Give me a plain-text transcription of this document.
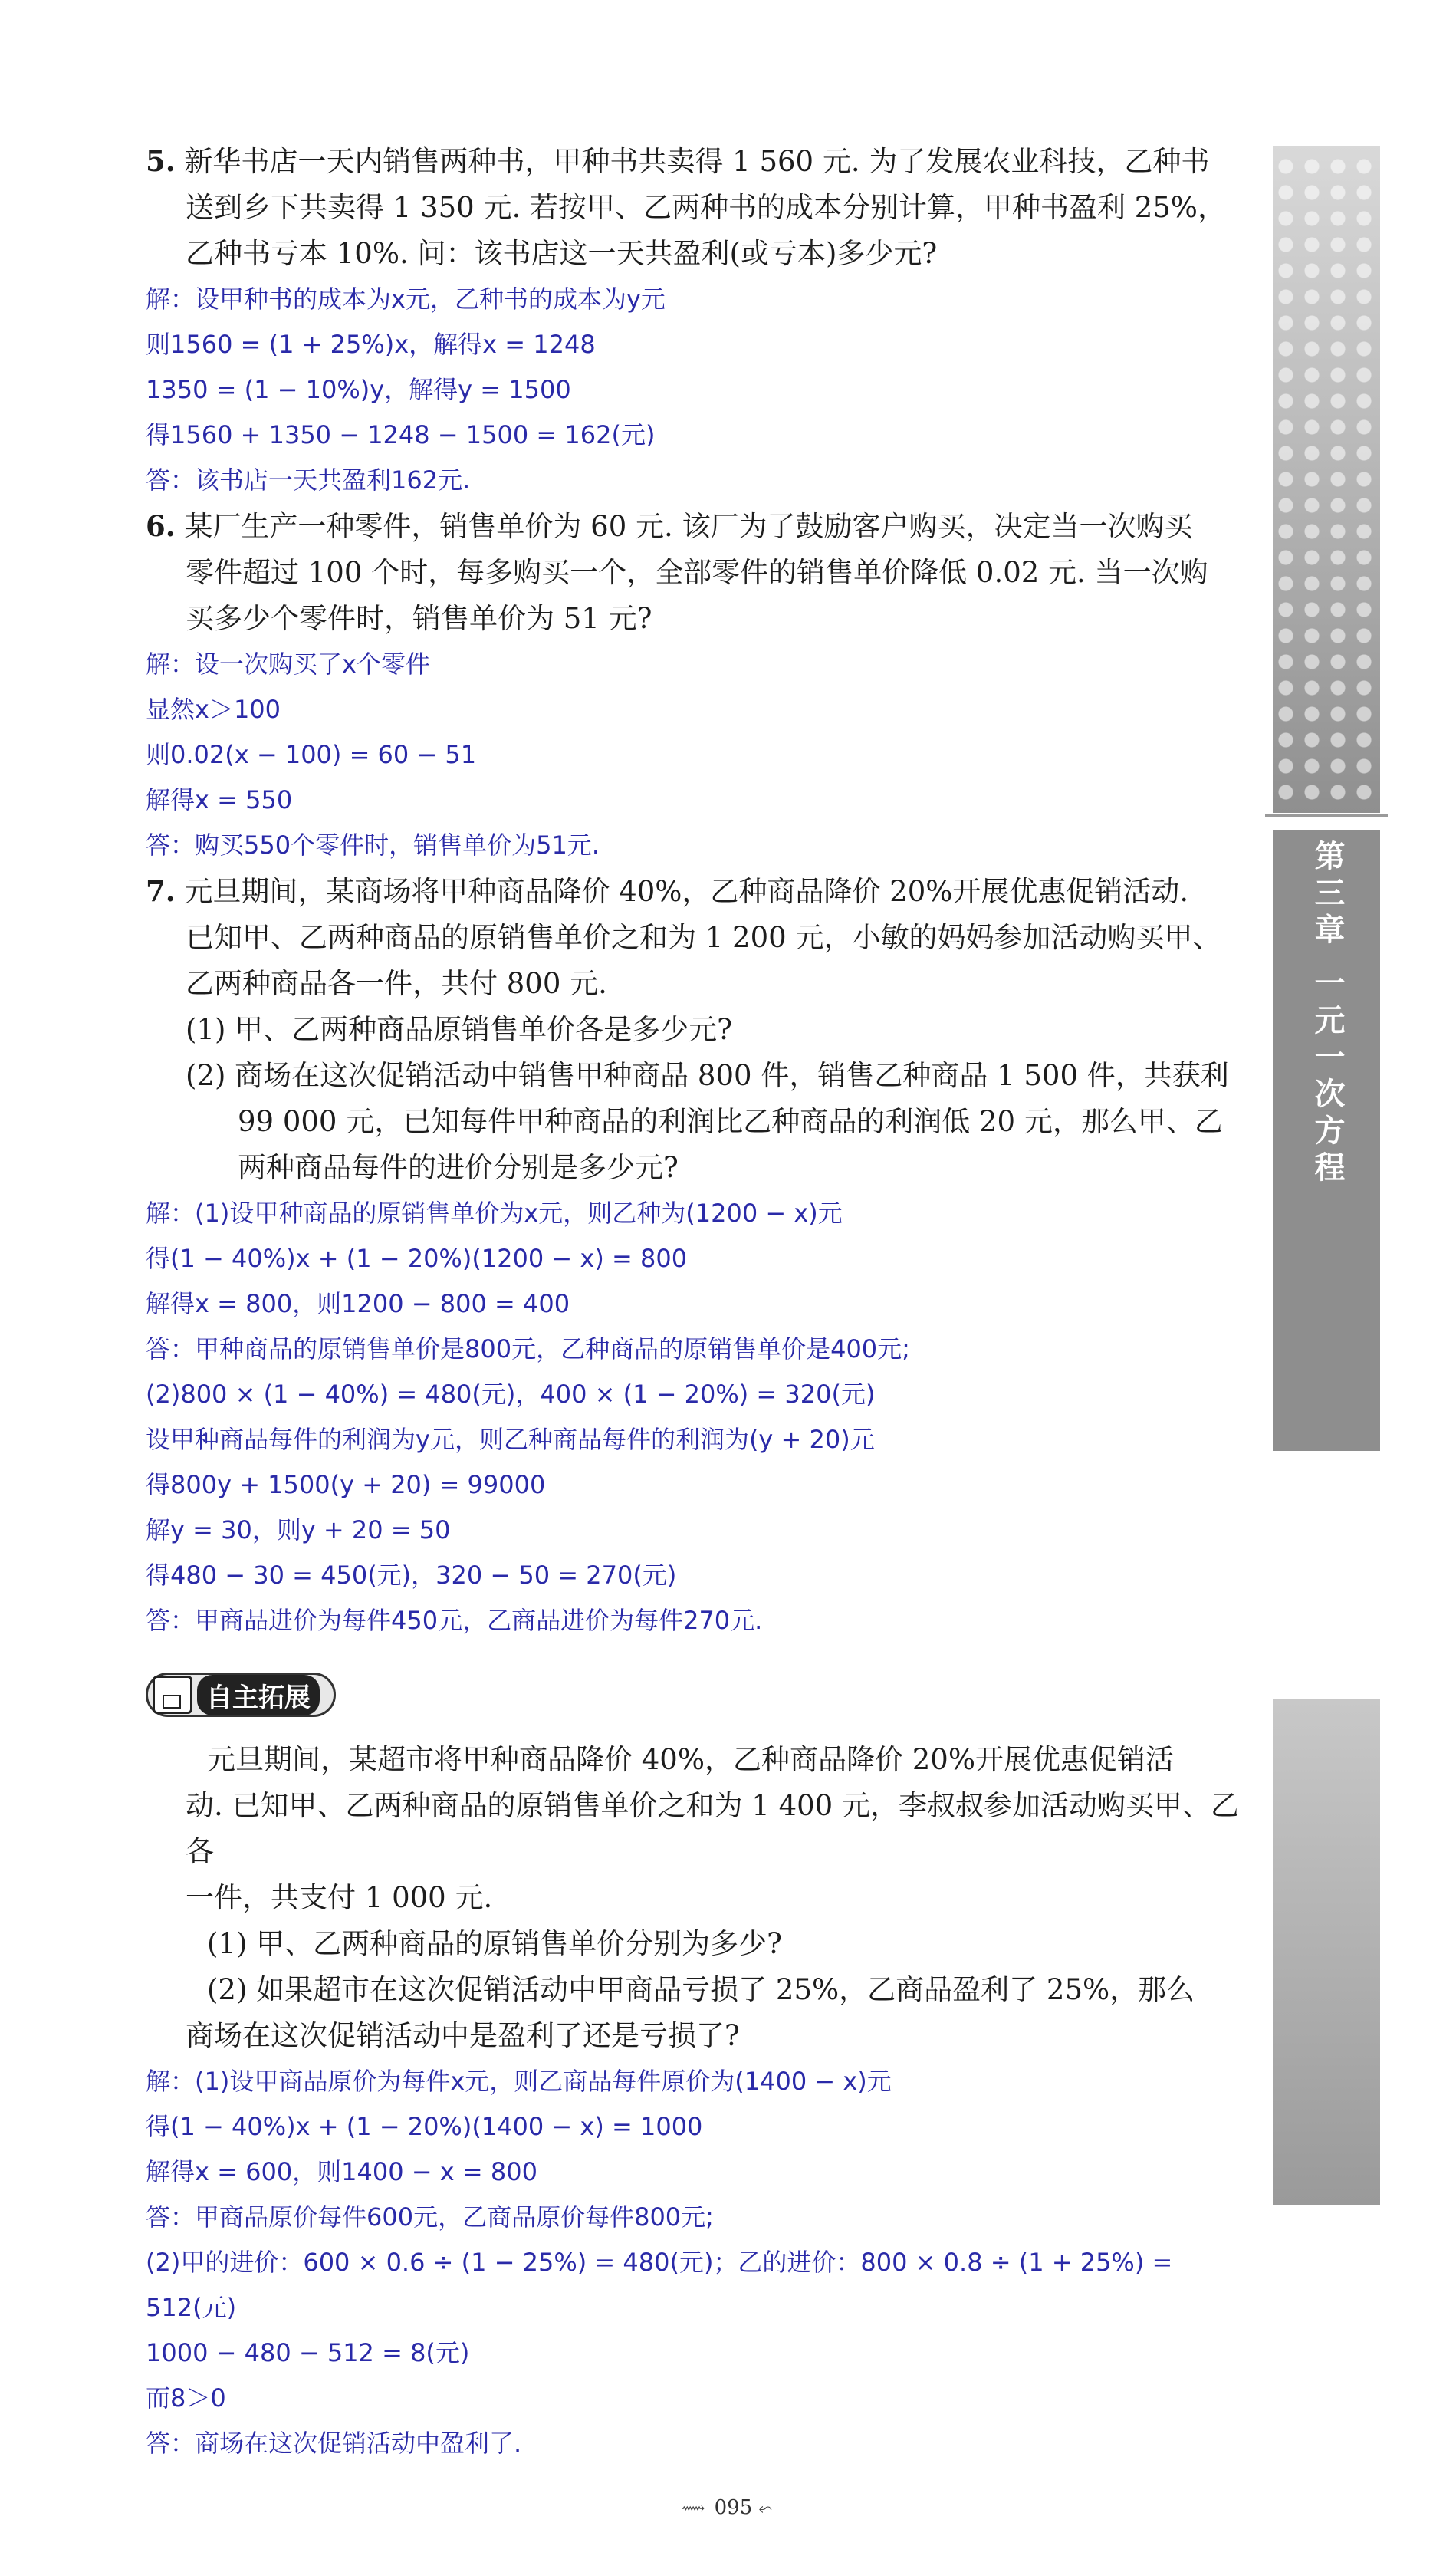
第三章 一元一次方程

5. 新华书店一天内销售两种书，甲种书共卖得 1 560 元. 为了发展农业科技，乙种书

送到乡下共卖得 1 350 元. 若按甲、乙两种书的成本分别计算，甲种书盈利 25%，

乙种书亏本 10%. 问：该书店这一天共盈利(或亏本)多少元?

解：设甲种书的成本为x元，乙种书的成本为y元

则1560 = (1 + 25%)x，解得x = 1248

1350 = (1 − 10%)y，解得y = 1500

得1560 + 1350 − 1248 − 1500 = 162(元)

答：该书店一天共盈利162元.

6. 某厂生产一种零件，销售单价为 60 元. 该厂为了鼓励客户购买，决定当一次购买

零件超过 100 个时，每多购买一个，全部零件的销售单价降低 0.02 元. 当一次购

买多少个零件时，销售单价为 51 元?

解：设一次购买了x个零件

显然x＞100

则0.02(x − 100) = 60 − 51

解得x = 550

答：购买550个零件时，销售单价为51元.

7. 元旦期间，某商场将甲种商品降价 40%，乙种商品降价 20%开展优惠促销活动.

已知甲、乙两种商品的原销售单价之和为 1 200 元，小敏的妈妈参加活动购买甲、

乙两种商品各一件，共付 800 元.

(1) 甲、乙两种商品原销售单价各是多少元?

(2) 商场在这次促销活动中销售甲种商品 800 件，销售乙种商品 1 500 件，共获利

99 000 元，已知每件甲种商品的利润比乙种商品的利润低 20 元，那么甲、乙

两种商品每件的进价分别是多少元?

解：(1)设甲种商品的原销售单价为x元，则乙种为(1200 − x)元

得(1 − 40%)x + (1 − 20%)(1200 − x) = 800

解得x = 800，则1200 − 800 = 400

答：甲种商品的原销售单价是800元，乙种商品的原销售单价是400元;

(2)800 × (1 − 40%) = 480(元)，400 × (1 − 20%) = 320(元)

设甲种商品每件的利润为y元，则乙种商品每件的利润为(y + 20)元

得800y + 1500(y + 20) = 99000

解y = 30，则y + 20 = 50

得480 − 30 = 450(元)，320 − 50 = 270(元)

答：甲商品进价为每件450元，乙商品进价为每件270元.

自主拓展

元旦期间，某超市将甲种商品降价 40%，乙种商品降价 20%开展优惠促销活

动. 已知甲、乙两种商品的原销售单价之和为 1 400 元，李叔叔参加活动购买甲、乙各

一件，共支付 1 000 元.

(1) 甲、乙两种商品的原销售单价分别为多少?

(2) 如果超市在这次促销活动中甲商品亏损了 25%，乙商品盈利了 25%，那么

商场在这次促销活动中是盈利了还是亏损了?

解：(1)设甲商品原价为每件x元，则乙商品每件原价为(1400 − x)元

得(1 − 40%)x + (1 − 20%)(1400 − x) = 1000

解得x = 600，则1400 − x = 800

答：甲商品原价每件600元，乙商品原价每件800元;

(2)甲的进价：600 × 0.6 ÷ (1 − 25%) = 480(元)；乙的进价：800 × 0.8 ÷ (1 + 25%) = 512(元)

1000 − 480 − 512 = 8(元)

而8＞0

答：商场在这次促销活动中盈利了.

⟿ 095 ⬿
